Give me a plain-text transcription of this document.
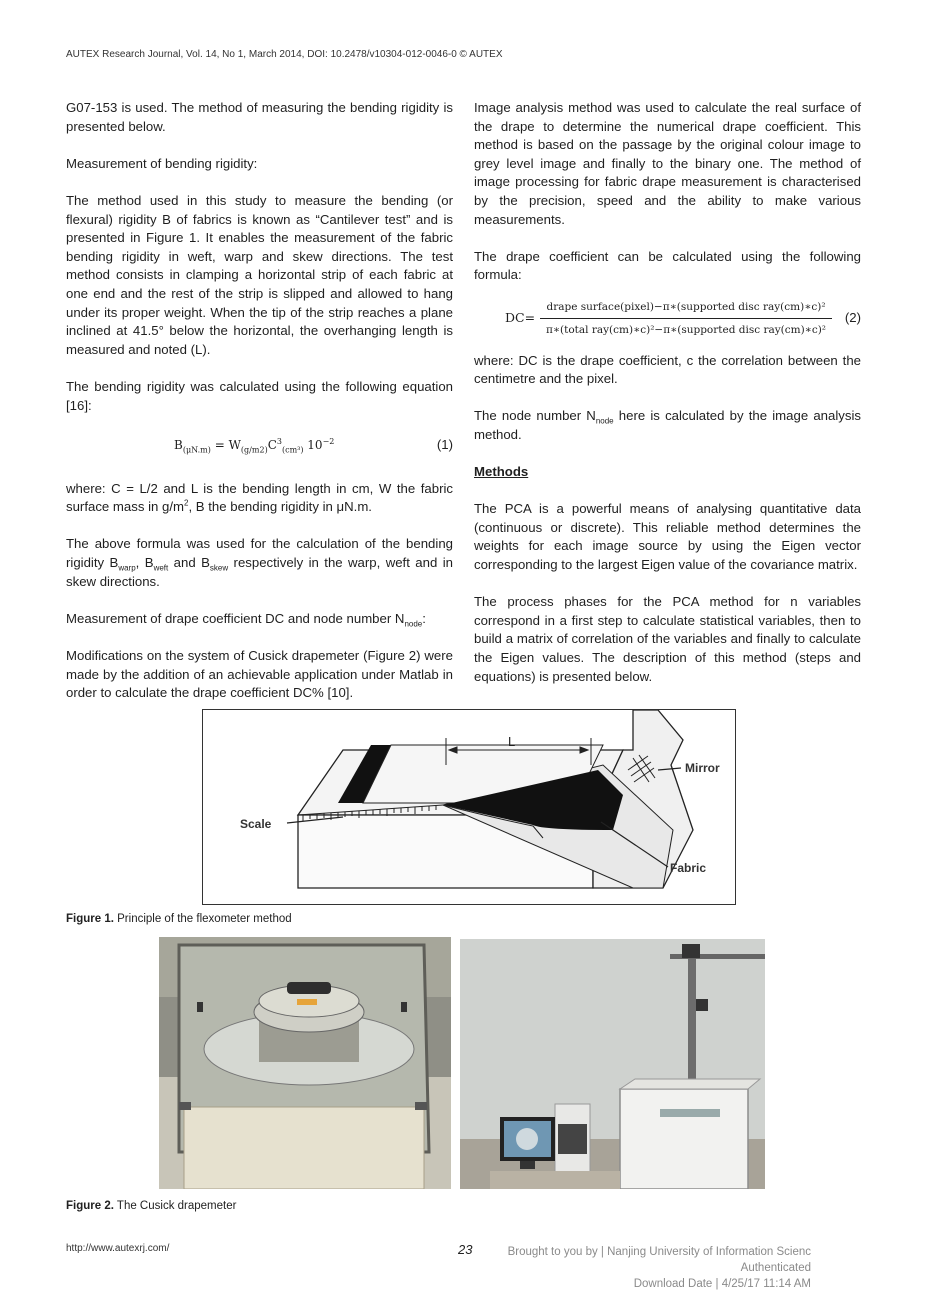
AUTEX Research Journal, Vol. 14, No 1, March 2014, DOI: 10.2478/v10304-012-0046-0 © AUTEX

G07-153 is used. The method of measuring the bending rigidity is presented below.

Measurement of bending rigidity:

The method used in this study to measure the bending (or flexural) rigidity B of fabrics is known as “Cantilever test” and is presented in Figure 1. It enables the measurement of the fabric bending rigidity in weft, warp and skew directions. The test method consists in clamping a horizontal strip of each fabric at one end and the rest of the strip is slipped and allowed to hang under its proper weight. When the tip of the strip reaches a plane inclined at 41.5° below the horizontal, the overhanging length is measured and noted (L).

The bending rigidity was calculated using the following equation [16]:

$B_{(\mu N.m)} = W_{(g/m2)}C^3_{(cm^3)}$ $10^{-2}$	(1)

where: C = L/2 and L is the bending length in cm, W the fabric surface mass in $g/m^2$, B the bending rigidity in μN.m.

The above formula was used for the calculation of the bending rigidity $B_{warp}$, $B_{weft}$ and $B_{skew}$ respectively in the warp, weft and in skew directions.

Measurement of drape coefficient DC and node number $N_{node}$:

Modifications on the system of Cusick drapemeter (Figure 2) were made by the addition of an achievable application under Matlab in order to calculate the drape coefficient DC% [10].

Image analysis method was used to calculate the real surface of the drape to determine the numerical drape coefficient. This method is based on the passage by the original colour image to grey level image and finally to the binary one. The method of image processing for fabric drape measurement is characterised by the precision, speed and the ability to make various measurements.

The drape coefficient can be calculated using the following formula:

DC=
drape surface(pixel)−π∗(supported disc ray(cm)∗c)²
π∗(total ray(cm)∗c)²−π∗(supported disc ray(cm)∗c)²
(2)

where: DC is the drape coefficient, c the correlation between the centimetre and the pixel.

The node number $N_{node}$ here is calculated by the image analysis method.

Methods

The PCA is a powerful means of analysing quantitative data (continuous or discrete). This reliable method determines the weights for each image source by using the Eigen vector corresponding to the largest Eigen value of the covariance matrix.

The process phases for the PCA method for n variables correspond in a first step to calculate statistical variables, then to build a matrix of correlation of the variables and finally to calculate the Eigen values. The description of this method (steps and equations) is presented below.

L
Mirror
Scale
Fabric
Figure 1. Principle of the flexometer method
Figure 2. The Cusick drapemeter
http://www.autexrj.com/	23	Brought to you by | Nanjing University of Information Scienc
Authenticated
Download Date | 4/25/17 11:14 AM
